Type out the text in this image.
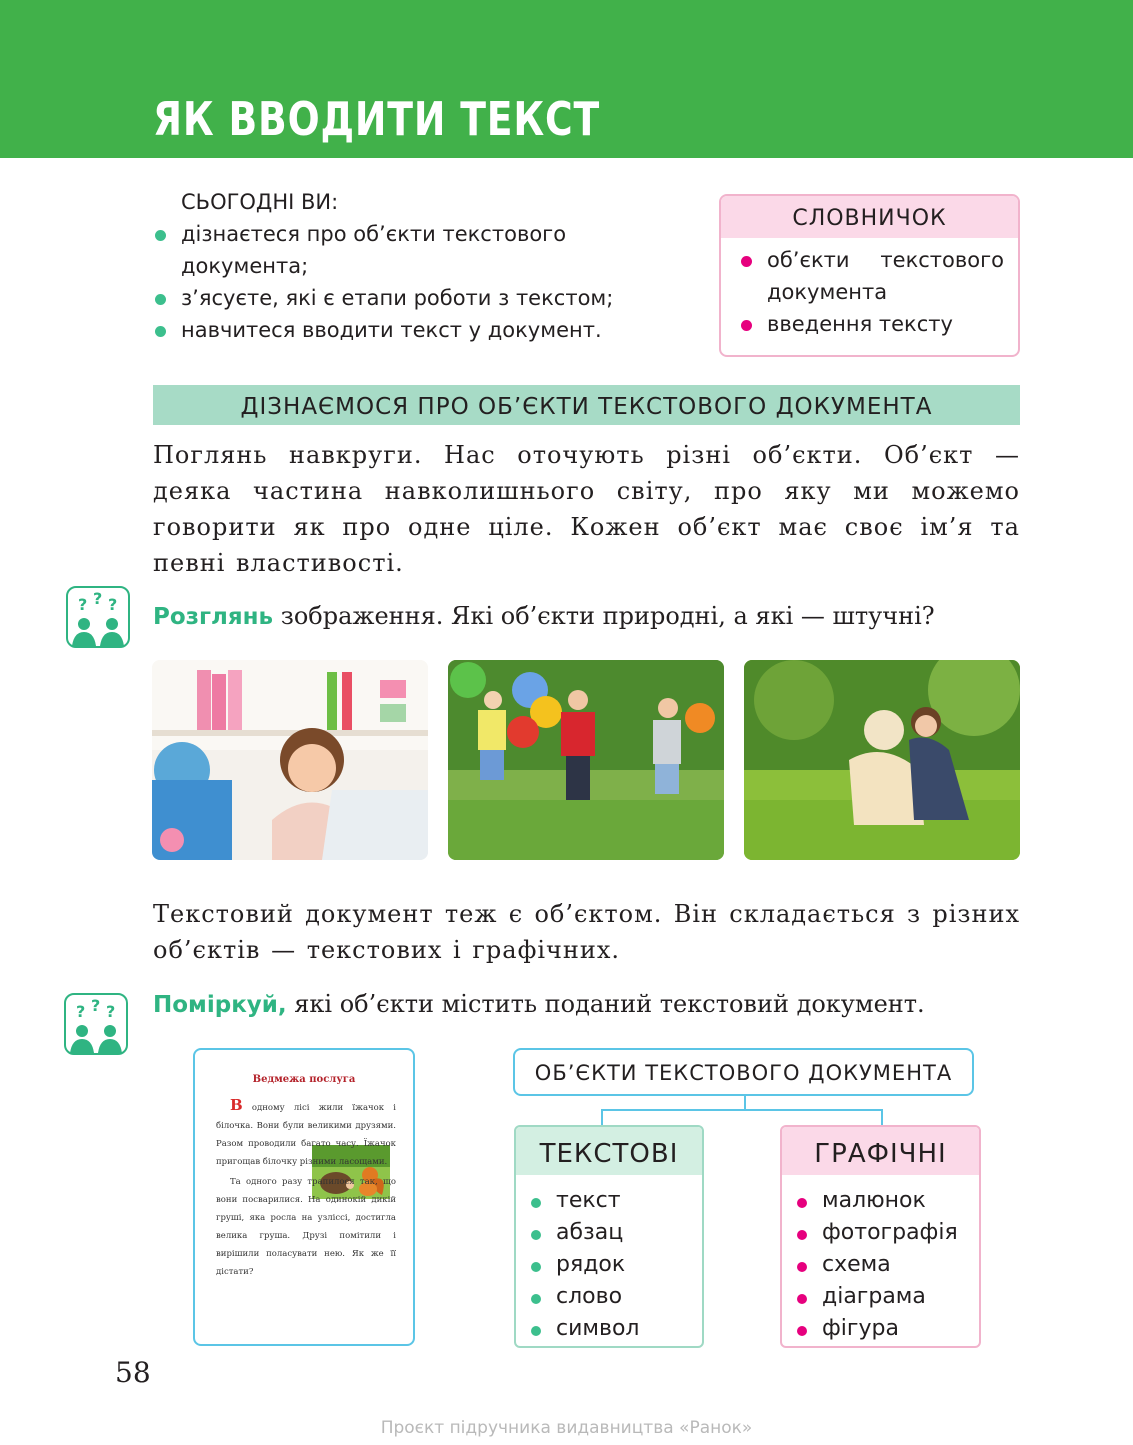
ЯК ВВОДИТИ ТЕКСТ
СЬОГОДНІ ВИ:
дізнаєтеся про об’єкти текстового документа;
з’ясуєте, які є етапи роботи з текстом;
навчитеся вводити текст у документ.
СЛОВНИЧОК
об’єкти текстового документа
введення тексту
ДІЗНАЄМОСЯ ПРО ОБ’ЄКТИ ТЕКСТОВОГО ДОКУМЕНТА

Поглянь навкруги. Нас оточують різні об’єкти. Об’єкт — деяка частина навколишнього світу, про яку ми можемо говорити як про одне ціле. Кожен об’єкт має своє ім’я та певні властивості.

? ? ? Розглянь зображення. Які об’єкти природні, а які — штучні?

Текстовий документ теж є об’єктом. Він складається з різних об’єктів — текстових і графічних.

? ? ? Поміркуй, які об’єкти містить поданий текстовий документ.
Ведмежа послуга

В одному лісі жили їжачок і білочка. Вони були великими друзями. Разом проводили багато часу. Їжачок пригощав білочку різними ласощами.

Та одного разу трапилося так, що вони посварилися. На одинокій дикій груші, яка росла на узліссі, достигла велика груша. Друзі помітили і вирішили поласувати нею. Як же її дістати?

ОБ’ЄКТИ ТЕКСТОВОГО ДОКУМЕНТА
ТЕКСТОВІ
текст
абзац
рядок
слово
символ
ГРАФІЧНІ
малюнок
фотографія
схема
діаграма
фігура
58
Проєкт підручника видавництва «Ранок»
